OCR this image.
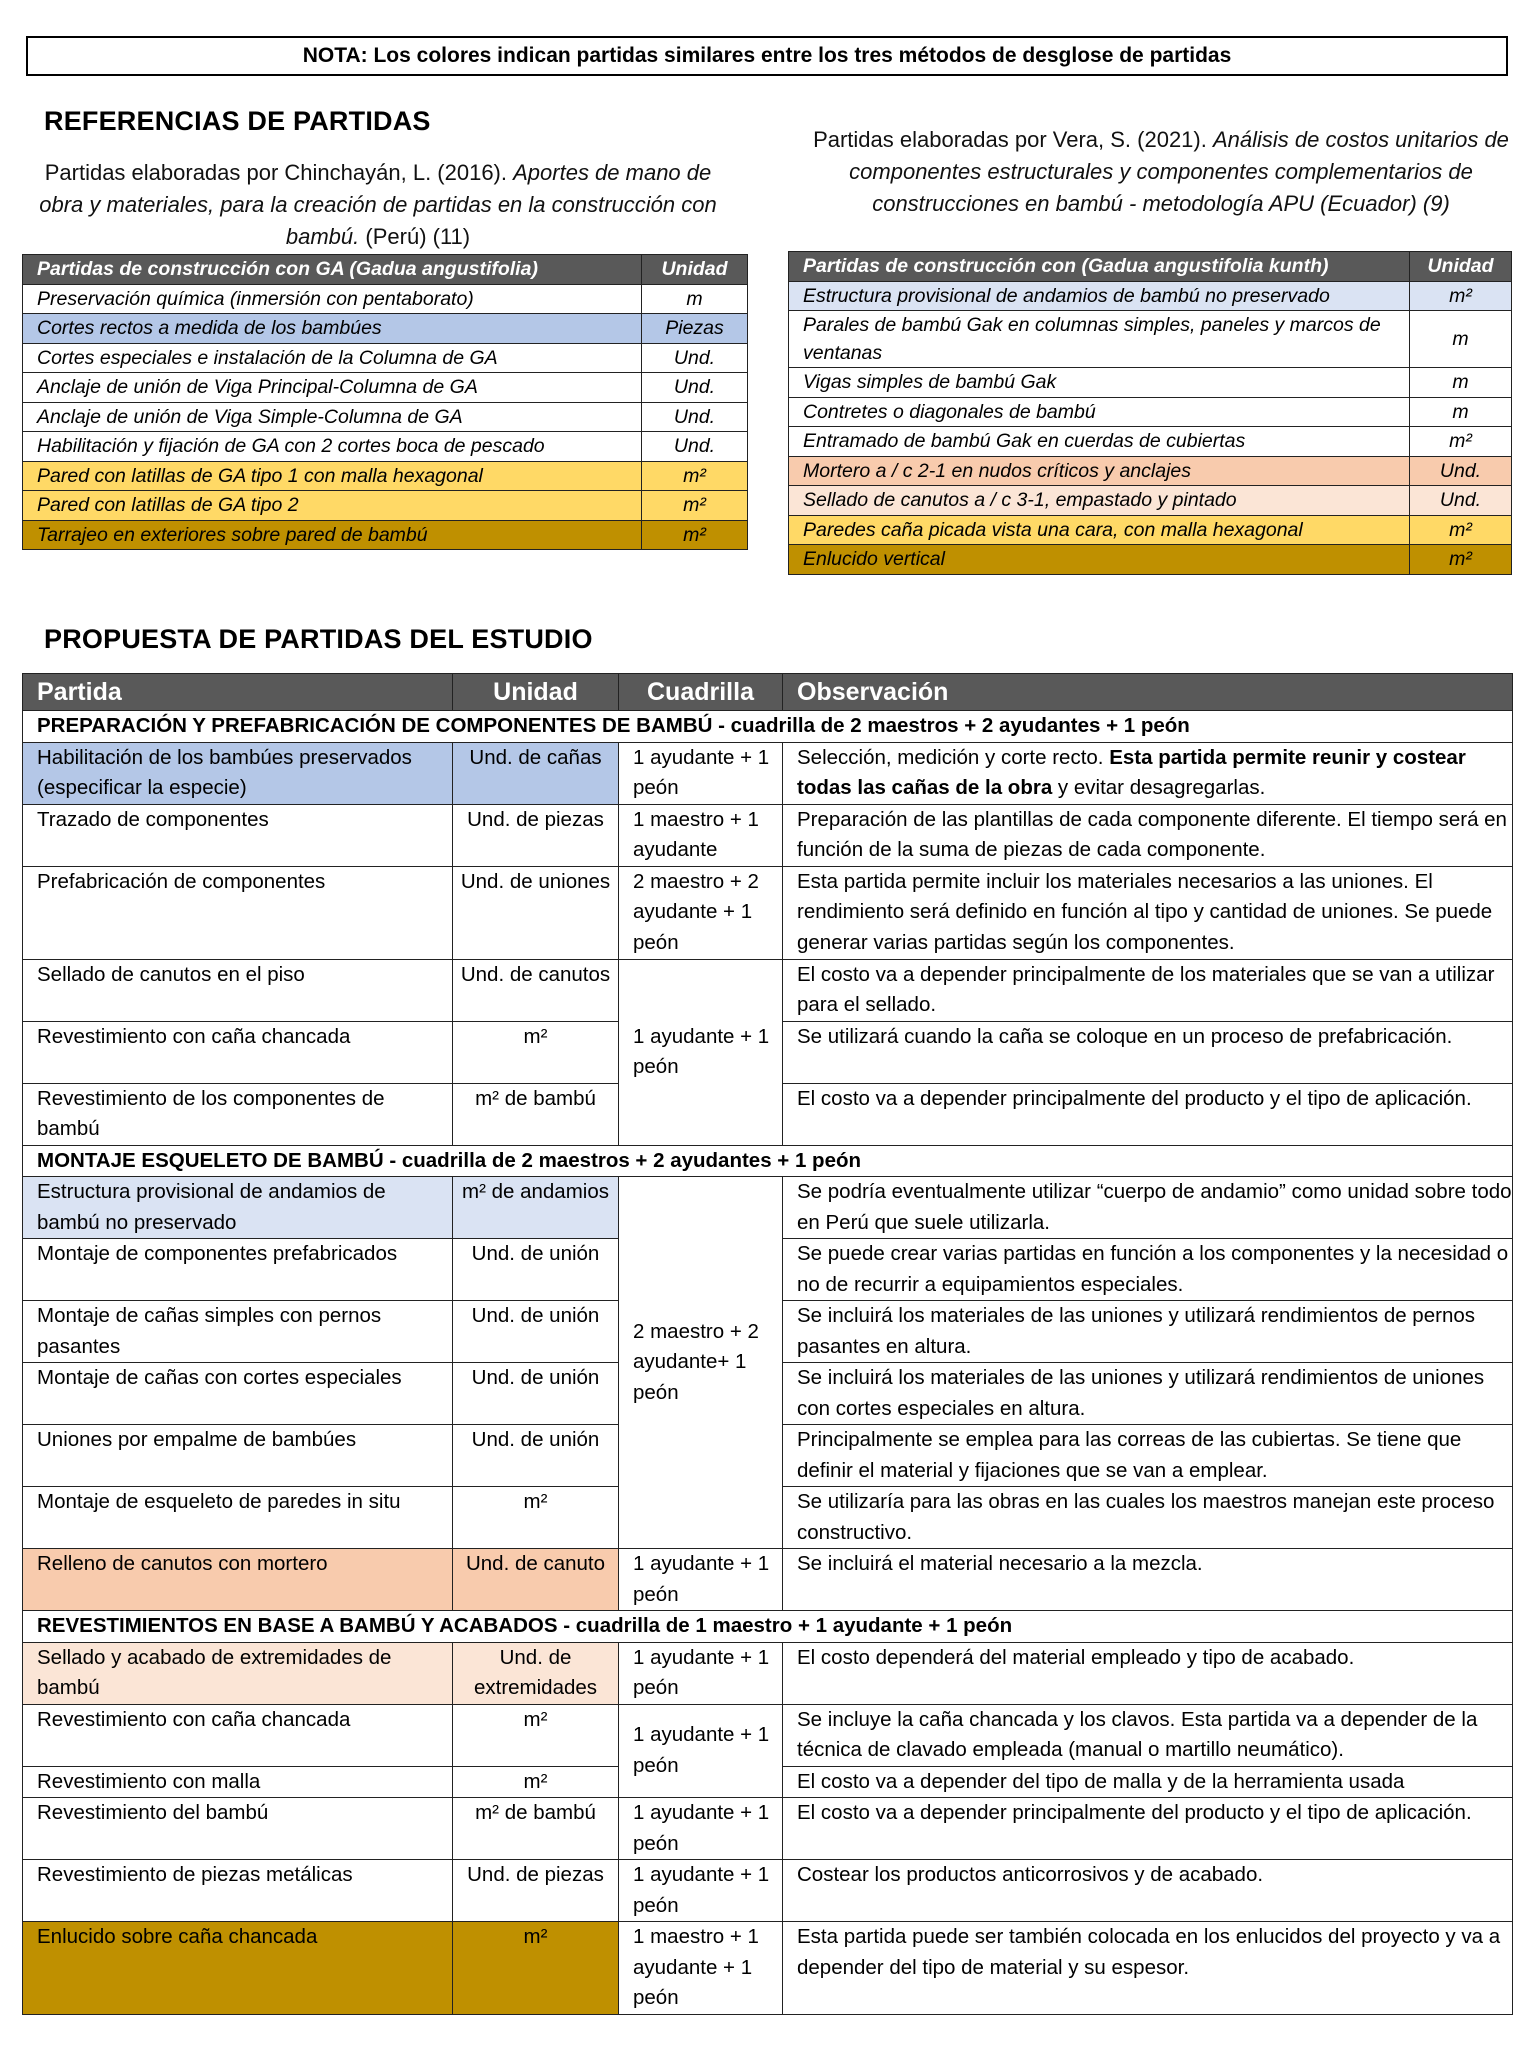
NOTA: Los colores indican partidas similares entre los tres métodos de desglose de partidas
REFERENCIAS DE PARTIDAS
Partidas elaboradas por Chinchayán, L. (2016). Aportes de mano de obra y materiales, para la creación de partidas en la construcción con bambú. (Perú) (11)
Partidas elaboradas por Vera, S. (2021). Análisis de costos unitarios de componentes estructurales y componentes complementarios de construcciones en bambú - metodología APU (Ecuador) (9)
Partidas de construcción con GA (Gadua angustifolia)	Unidad
Preservación química (inmersión con pentaborato)	m
Cortes rectos a medida de los bambúes	Piezas
Cortes especiales e instalación de la Columna de GA	Und.
Anclaje de unión de Viga Principal-Columna de GA	Und.
Anclaje de unión de Viga Simple-Columna de GA	Und.
Habilitación y fijación de GA con 2 cortes boca de pescado	Und.
Pared con latillas de GA tipo 1 con malla hexagonal	m²
Pared con latillas de GA tipo 2	m²
Tarrajeo en exteriores sobre pared de bambú	m²
Partidas de construcción con (Gadua angustifolia kunth)	Unidad
Estructura provisional de andamios de bambú no preservado	m²
Parales de bambú Gak en columnas simples, paneles y marcos de ventanas	m
Vigas simples de bambú Gak	m
Contretes o diagonales de bambú	m
Entramado de bambú Gak en cuerdas de cubiertas	m²
Mortero a / c 2-1 en nudos críticos y anclajes	Und.
Sellado de canutos a / c 3-1, empastado y pintado	Und.
Paredes caña picada vista una cara, con malla hexagonal	m²
Enlucido vertical	m²
PROPUESTA DE PARTIDAS DEL ESTUDIO
Partida	Unidad	Cuadrilla	Observación
PREPARACIÓN Y PREFABRICACIÓN DE COMPONENTES DE BAMBÚ - cuadrilla de 2 maestros + 2 ayudantes + 1 peón			
Habilitación de los bambúes preservados (especificar la especie)	Und. de cañas	1 ayudante + 1 peón	Selección, medición y corte recto. Esta partida permite reunir y costear todas las cañas de la obra y evitar desagregarlas.
Trazado de componentes	Und. de piezas	1 maestro + 1 ayudante	Preparación de las plantillas de cada componente diferente. El tiempo será en función de la suma de piezas de cada componente.
Prefabricación de componentes	Und. de uniones	2 maestro + 2 ayudante + 1 peón	Esta partida permite incluir los materiales necesarios a las uniones. El rendimiento será definido en función al tipo y cantidad de uniones. Se puede generar varias partidas según los componentes.
Sellado de canutos en el piso	Und. de canutos	1 ayudante + 1 peón	El costo va a depender principalmente de los materiales que se van a utilizar para el sellado.
Revestimiento con caña chancada	m²		Se utilizará cuando la caña se coloque en un proceso de prefabricación.
Revestimiento de los componentes de bambú	m² de bambú		El costo va a depender principalmente del producto y el tipo de aplicación.
MONTAJE ESQUELETO DE BAMBÚ - cuadrilla de 2 maestros + 2 ayudantes + 1 peón			
Estructura provisional de andamios de bambú no preservado	m² de andamios	2 maestro + 2 ayudante+ 1 peón	Se podría eventualmente utilizar “cuerpo de andamio” como unidad sobre todo en Perú que suele utilizarla.
Montaje de componentes prefabricados	Und. de unión		Se puede crear varias partidas en función a los componentes y la necesidad o no de recurrir a equipamientos especiales.
Montaje de cañas simples con pernos pasantes	Und. de unión		Se incluirá los materiales de las uniones y utilizará rendimientos de pernos pasantes en altura.
Montaje de cañas con cortes especiales	Und. de unión		Se incluirá los materiales de las uniones y utilizará rendimientos de uniones con cortes especiales en altura.
Uniones por empalme de bambúes	Und. de unión		Principalmente se emplea para las correas de las cubiertas. Se tiene que definir el material y fijaciones que se van a emplear.
Montaje de esqueleto de paredes in situ	m²		Se utilizaría para las obras en las cuales los maestros manejan este proceso constructivo.
Relleno de canutos con mortero	Und. de canuto	1 ayudante + 1 peón	Se incluirá el material necesario a la mezcla.
REVESTIMIENTOS EN BASE A BAMBÚ Y ACABADOS - cuadrilla de 1 maestro + 1 ayudante + 1 peón			
Sellado y acabado de extremidades de bambú	Und. de extremidades	1 ayudante + 1 peón	El costo dependerá del material empleado y tipo de acabado.
Revestimiento con caña chancada	m²	1 ayudante + 1 peón	Se incluye la caña chancada y los clavos. Esta partida va a depender de la técnica de clavado empleada (manual o martillo neumático).
Revestimiento con malla	m²		El costo va a depender del tipo de malla y de la herramienta usada
Revestimiento del bambú	m² de bambú	1 ayudante + 1 peón	El costo va a depender principalmente del producto y el tipo de aplicación.
Revestimiento de piezas metálicas	Und. de piezas	1 ayudante + 1 peón	Costear los productos anticorrosivos y de acabado.
Enlucido sobre caña chancada	m²	1 maestro + 1 ayudante + 1 peón	Esta partida puede ser también colocada en los enlucidos del proyecto y va a depender del tipo de material y su espesor.
